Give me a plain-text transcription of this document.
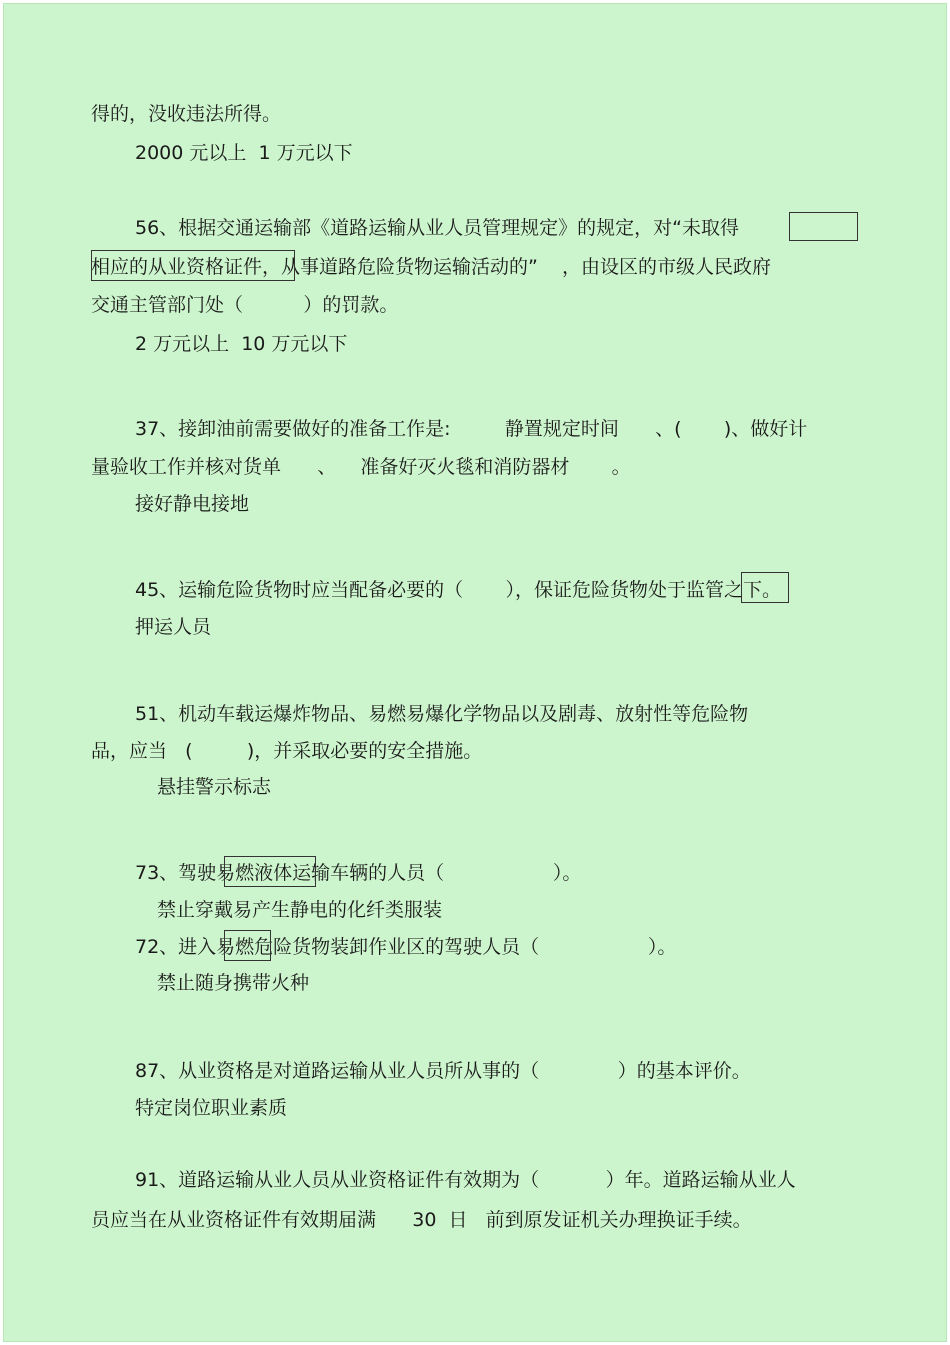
得的，没收违法所得。

2000 元以上  1 万元以下

56、根据交通运输部《道路运输从业人员管理规定》的规定，对“未取得

相应的从业资格证件，从事道路危险货物运输活动的”    ，由设区的市级人民政府

交通主管部门处（          ）的罚款。

2 万元以上  10 万元以下

37、接卸油前需要做好的准备工作是:         静置规定时间      、(       )、做好计

量验收工作并核对货单      、    准备好灭火毯和消防器材       。

接好静电接地

45、运输危险货物时应当配备必要的（       ），保证危险货物处于监管之下。

押运人员

51、机动车载运爆炸物品、易燃易爆化学物品以及剧毒、放射性等危险物

品，应当   (         )，并采取必要的安全措施。

悬挂警示标志

73、驾驶易燃液体运输车辆的人员（                  ）。

禁止穿戴易产生静电的化纤类服装

72、进入易燃危险货物装卸作业区的驾驶人员（                  ）。

禁止随身携带火种

87、从业资格是对道路运输从业人员所从事的（             ）的基本评价。

特定岗位职业素质

91、道路运输从业人员从业资格证件有效期为（           ）年。道路运输从业人

员应当在从业资格证件有效期届满      30  日   前到原发证机关办理换证手续。
